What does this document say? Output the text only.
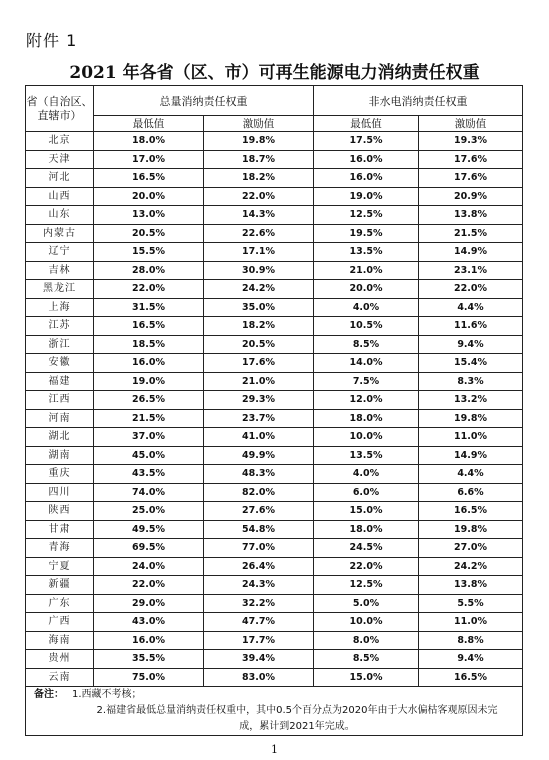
附件 1
2021 年各省（区、市）可再生能源电力消纳责任权重
省（自治区、直辖市）	总量消纳责任权重		非水电消纳责任权重	
	最低值	激励值	最低值	激励值
北京	18.0%	19.8%	17.5%	19.3%
天津	17.0%	18.7%	16.0%	17.6%
河北	16.5%	18.2%	16.0%	17.6%
山西	20.0%	22.0%	19.0%	20.9%
山东	13.0%	14.3%	12.5%	13.8%
内蒙古	20.5%	22.6%	19.5%	21.5%
辽宁	15.5%	17.1%	13.5%	14.9%
吉林	28.0%	30.9%	21.0%	23.1%
黑龙江	22.0%	24.2%	20.0%	22.0%
上海	31.5%	35.0%	4.0%	4.4%
江苏	16.5%	18.2%	10.5%	11.6%
浙江	18.5%	20.5%	8.5%	9.4%
安徽	16.0%	17.6%	14.0%	15.4%
福建	19.0%	21.0%	7.5%	8.3%
江西	26.5%	29.3%	12.0%	13.2%
河南	21.5%	23.7%	18.0%	19.8%
湖北	37.0%	41.0%	10.0%	11.0%
湖南	45.0%	49.9%	13.5%	14.9%
重庆	43.5%	48.3%	4.0%	4.4%
四川	74.0%	82.0%	6.0%	6.6%
陕西	25.0%	27.6%	15.0%	16.5%
甘肃	49.5%	54.8%	18.0%	19.8%
青海	69.5%	77.0%	24.5%	27.0%
宁夏	24.0%	26.4%	22.0%	24.2%
新疆	22.0%	24.3%	12.5%	13.8%
广东	29.0%	32.2%	5.0%	5.5%
广西	43.0%	47.7%	10.0%	11.0%
海南	16.0%	17.7%	8.0%	8.8%
贵州	35.5%	39.4%	8.5%	9.4%
云南	75.0%	83.0%	15.0%	16.5%

备注： 1.西藏不考核；
2.福建省最低总量消纳责任权重中，其中0.5个百分点为2020年由于大水偏枯客观原因未完
成，累计到2021年完成。				
1
